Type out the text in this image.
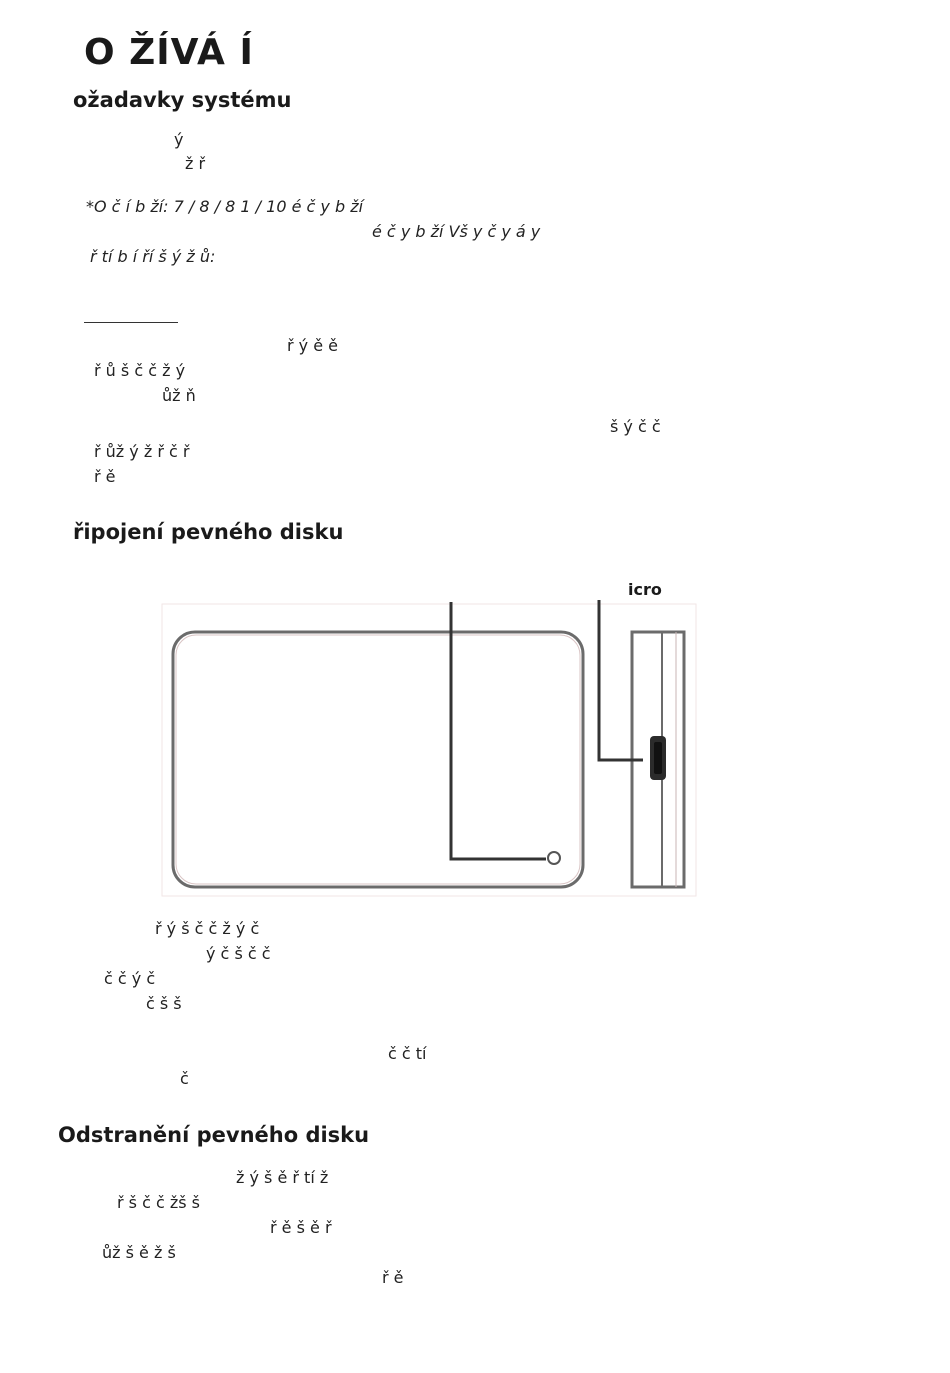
O ŽÍVÁ Í
ožadavky systému
ý
ž ř
*O č í b ží: 7 / 8 / 8 1 / 10 é č y b ží
é č y b ží Vš y č y á y
ř tí b í ří š ý ž ů:
ř ý ě ě
ř ů š č č ž ý
ůž ň
š ý č č
ř ůž ý ž ř č ř
ř ě
řipojení pevného disku
icro
ř ý š č č ž ý č
ý č š č č
č č ý č
č š š
č č tí
č
Odstranění pevného disku
ž ý š ě ř tí ž
ř š č č žš š
ř ě š ě ř
ůž š ě ž š
ř ě
